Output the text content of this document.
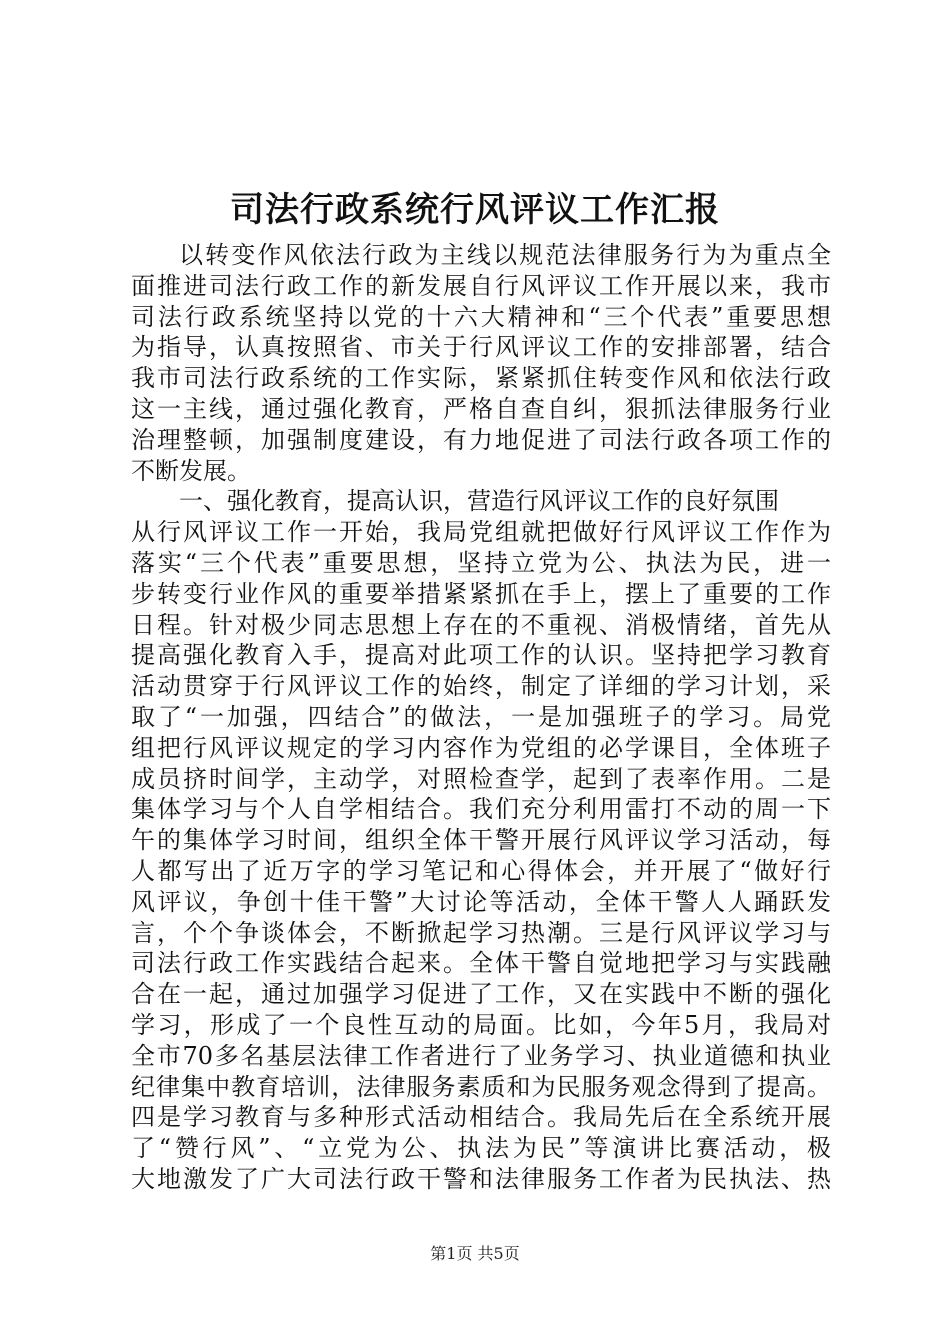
司法行政系统行风评议工作汇报
以转变作风依法行政为主线以规范法律服务行为为重点全
面推进司法行政工作的新发展自行风评议工作开展以来，我市
司法行政系统坚持以党的十六大精神和“三个代表”重要思想
为指导，认真按照省、市关于行风评议工作的安排部署，结合
我市司法行政系统的工作实际，紧紧抓住转变作风和依法行政
这一主线，通过强化教育，严格自查自纠，狠抓法律服务行业
治理整顿，加强制度建设，有力地促进了司法行政各项工作的
不断发展。
一、强化教育，提高认识，营造行风评议工作的良好氛围
从行风评议工作一开始，我局党组就把做好行风评议工作作为
落实“三个代表”重要思想，坚持立党为公、执法为民，进一
步转变行业作风的重要举措紧紧抓在手上，摆上了重要的工作
日程。针对极少同志思想上存在的不重视、消极情绪，首先从
提高强化教育入手，提高对此项工作的认识。坚持把学习教育
活动贯穿于行风评议工作的始终，制定了详细的学习计划，采
取了“一加强，四结合”的做法，一是加强班子的学习。局党
组把行风评议规定的学习内容作为党组的必学课目，全体班子
成员挤时间学，主动学，对照检查学，起到了表率作用。二是
集体学习与个人自学相结合。我们充分利用雷打不动的周一下
午的集体学习时间，组织全体干警开展行风评议学习活动，每
人都写出了近万字的学习笔记和心得体会，并开展了“做好行
风评议，争创十佳干警”大讨论等活动，全体干警人人踊跃发
言，个个争谈体会，不断掀起学习热潮。三是行风评议学习与
司法行政工作实践结合起来。全体干警自觉地把学习与实践融
合在一起，通过加强学习促进了工作，又在实践中不断的强化
学习，形成了一个良性互动的局面。比如，今年5月，我局对
全市70多名基层法律工作者进行了业务学习、执业道德和执业
纪律集中教育培训，法律服务素质和为民服务观念得到了提高。
四是学习教育与多种形式活动相结合。我局先后在全系统开展
了“赞行风”、“立党为公、执法为民”等演讲比赛活动，极
大地激发了广大司法行政干警和法律服务工作者为民执法、热
第1页 共5页
